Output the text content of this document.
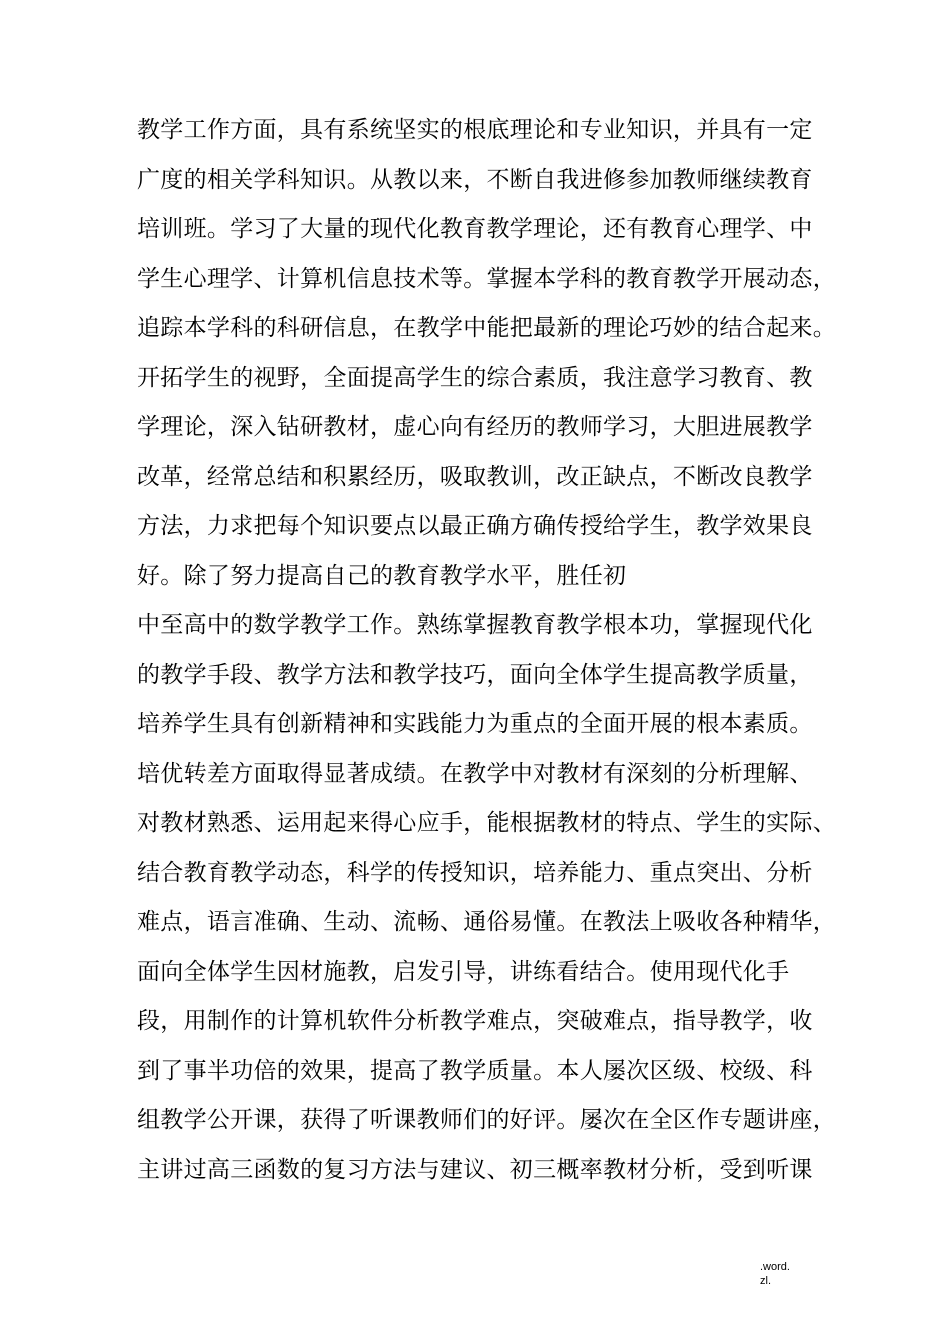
教学工作方面，具有系统坚实的根底理论和专业知识，并具有一定
广度的相关学科知识。从教以来，不断自我进修参加教师继续教育
培训班。学习了大量的现代化教育教学理论，还有教育心理学、中
学生心理学、计算机信息技术等。掌握本学科的教育教学开展动态，
追踪本学科的科研信息，在教学中能把最新的理论巧妙的结合起来。
开拓学生的视野，全面提高学生的综合素质，我注意学习教育、教
学理论，深入钻研教材，虚心向有经历的教师学习，大胆进展教学
改革，经常总结和积累经历，吸取教训，改正缺点，不断改良教学
方法，力求把每个知识要点以最正确方确传授给学生，教学效果良
好。除了努力提高自己的教育教学水平，胜任初
中至高中的数学教学工作。熟练掌握教育教学根本功，掌握现代化
的教学手段、教学方法和教学技巧，面向全体学生提高教学质量，
培养学生具有创新精神和实践能力为重点的全面开展的根本素质。
培优转差方面取得显著成绩。在教学中对教材有深刻的分析理解、
对教材熟悉、运用起来得心应手，能根据教材的特点、学生的实际、
结合教育教学动态，科学的传授知识，培养能力、重点突出、分析
难点，语言准确、生动、流畅、通俗易懂。在教法上吸收各种精华，
面向全体学生因材施教，启发引导，讲练看结合。使用现代化手
段，用制作的计算机软件分析教学难点，突破难点，指导教学，收
到了事半功倍的效果，提高了教学质量。本人屡次区级、校级、科
组教学公开课，获得了听课教师们的好评。屡次在全区作专题讲座，
主讲过高三函数的复习方法与建议、初三概率教材分析，受到听课
.word.
zl.
